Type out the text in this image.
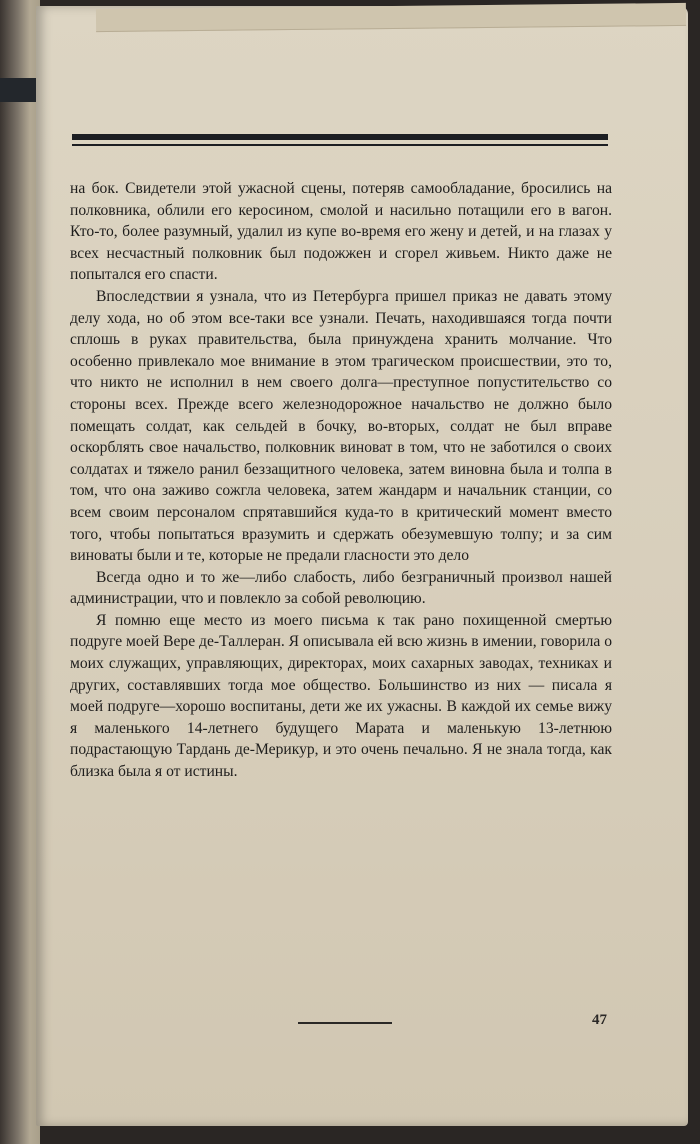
на бок. Свидетели этой ужасной сцены, потеряв самообладание, бросились на полковника, облили его керосином, смолой и насильно потащили его в вагон. Кто-то, более разумный, удалил из купе во-время его жену и детей, и на глазах у всех несчастный полковник был подожжен и сгорел живьем. Никто даже не попытался его спасти.

Впоследствии я узнала, что из Петербурга пришел приказ не давать этому делу хода, но об этом все-таки все узнали. Печать, находившаяся тогда почти сплошь в руках правительства, была принуждена хранить молчание. Что особенно привлекало мое внимание в этом трагическом происшествии, это то, что никто не исполнил в нем своего долга—преступное попустительство со стороны всех. Прежде всего железнодорожное начальство не должно было помещать солдат, как сельдей в бочку, во-вторых, солдат не был вправе оскорблять свое начальство, полковник виноват в том, что не заботился о своих солдатах и тяжело ранил беззащитного человека, затем виновна была и толпа в том, что она заживо сожгла человека, затем жандарм и начальник станции, со всем своим персоналом спрятавшийся куда-то в критический момент вместо того, чтобы попытаться вразумить и сдержать обезумевшую толпу; и за сим виноваты были и те, которые не предали гласности это дело

Всегда одно и то же—либо слабость, либо безграничный произвол нашей администрации, что и повлекло за собой революцию.

Я помню еще место из моего письма к так рано похищенной смертью подруге моей Вере де-Таллеран. Я описывала ей всю жизнь в имении, говорила о моих служащих, управляющих, директорах, моих сахарных заводах, техниках и других, составлявших тогда мое общество. Большинство из них — писала я моей подруге—хорошо воспитаны, дети же их ужасны. В каждой их семье вижу я маленького 14-летнего будущего Марата и маленькую 13-летнюю подрастающую Тардань де-Мерикур, и это очень печально. Я не знала тогда, как близка была я от истины.

47
